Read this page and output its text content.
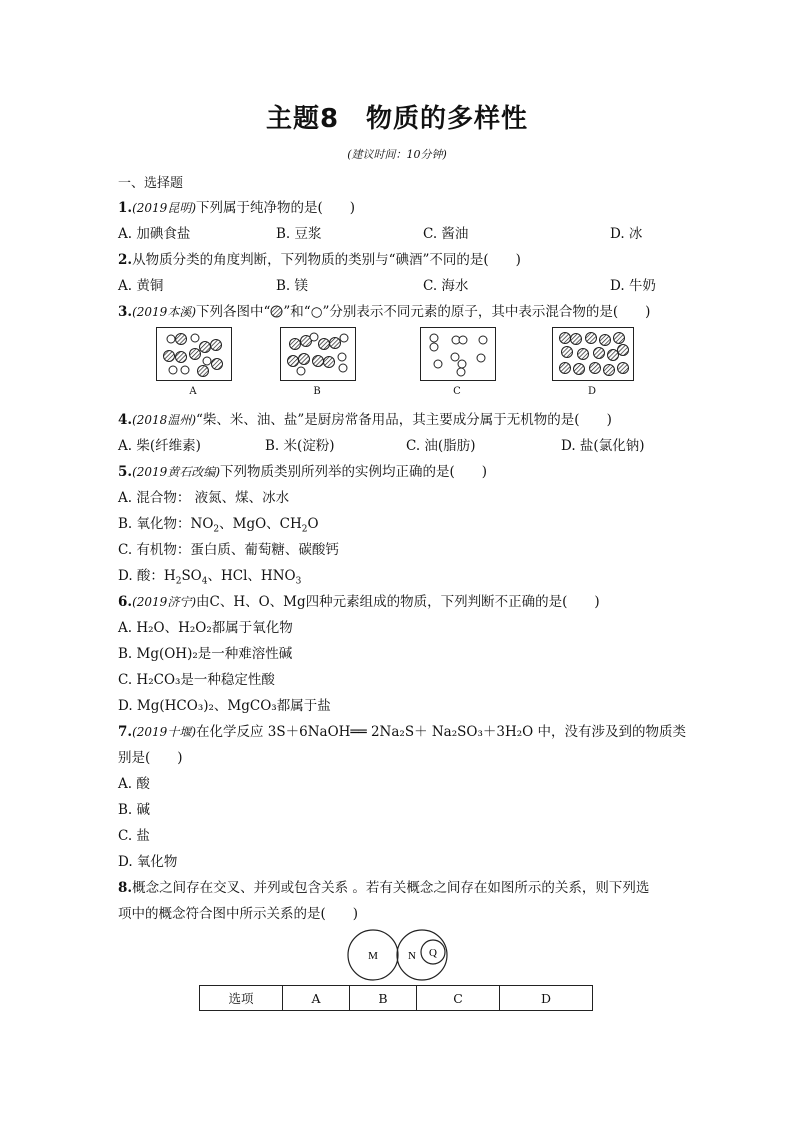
主题8　物质的多样性
(建议时间：10分钟)
一、选择题
1.(2019昆明)下列属于纯净物的是(　　)
A. 加碘食盐	B. 豆浆	C. 酱油	D. 冰
2.从物质分类的角度判断，下列物质的类别与“碘酒”不同的是(　　)
A. 黄铜	B. 镁	C. 海水	D. 牛奶
3.(2019本溪)下列各图中“ ”和“○”分别表示不同元素的原子，其中表示混合物的是(　　)
A	B	C	D
4.(2018温州)“柴、米、油、盐”是厨房常备用品，其主要成分属于无机物的是(　　)
A. 柴(纤维素)	B. 米(淀粉)	C. 油(脂肪)	D. 盐(氯化钠)
5.(2019黄石改编)下列物质类别所列举的实例均正确的是(　　)
A. 混合物： 液氮、煤、冰水
B. 氧化物：$NO_2$、MgO、$CH_2O$
C. 有机物：蛋白质、葡萄糖、碳酸钙
D. 酸：$H_2SO_4$、HCl、$HNO_3$
6.(2019济宁)由C、H、O、Mg四种元素组成的物质，下列判断不正确的是(　　)
A. H₂O、H₂O₂都属于氧化物
B. Mg(OH)₂是一种难溶性碱
C. H₂CO₃是一种稳定性酸
D. Mg(HCO₃)₂、MgCO₃都属于盐
7.(2019十堰)在化学反应 3S＋6NaOH══ 2Na₂S＋ Na₂SO₃＋3H₂O 中，没有涉及到的物质类
别是(　　)
A. 酸
B. 碱
C. 盐
D. 氧化物
8.概念之间存在交叉、并列或包含关系 。若有关概念之间存在如图所示的关系，则下列选
项中的概念符合图中所示关系的是(　　)
M	N Q
选项	A	B	C	D
